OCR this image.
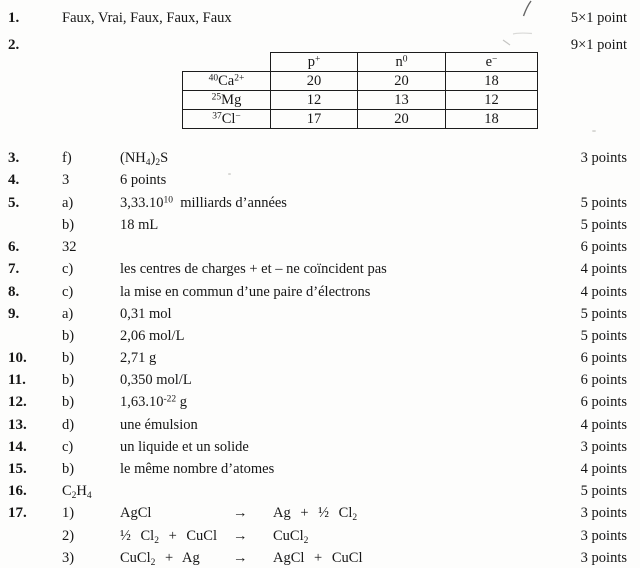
1.	Faux, Vrai, Faux, Faux, Faux	5×1 point
2.	9×1 point
	p+	$n^0$	e−
$^{40}Ca^{2+}$	20	20	18
$^{25}$Mg	12	13	12
$^{37}$Cl−	17	20	18
3.	f)	$(NH_4)_2S$	3 points
4.	3	6 points
5.	a)	3,33.10$^{10}$ milliards d’années	5 points
b)	18 mL	5 points
6.	32	6 points
7.	c)	les centres de charges + et – ne coïncident pas	4 points
8.	c)	la mise en commun d’une paire d’électrons	4 points
9.	a)	0,31 mol	5 points
b)	2,06 mol/L	5 points
10. b)	2,71 g	6 points
11. b)	0,350 mol/L	6 points
12. b)	$1,63.10^{-22}$ g	6 points
13. d)	une émulsion	4 points
14. c)	un liquide et un solide	3 points
15. b)	le même nombre d’atomes	4 points
16. $C_2H_4$	5 points
17. 1)	AgCl	→	Ag + ½ $Cl_2$	3 points
2)	½ $Cl_2$ + CuCl	→	CuCl$_2$	3 points
3)	CuCl$_2$ + Ag	→	AgCl + CuCl	3 points
